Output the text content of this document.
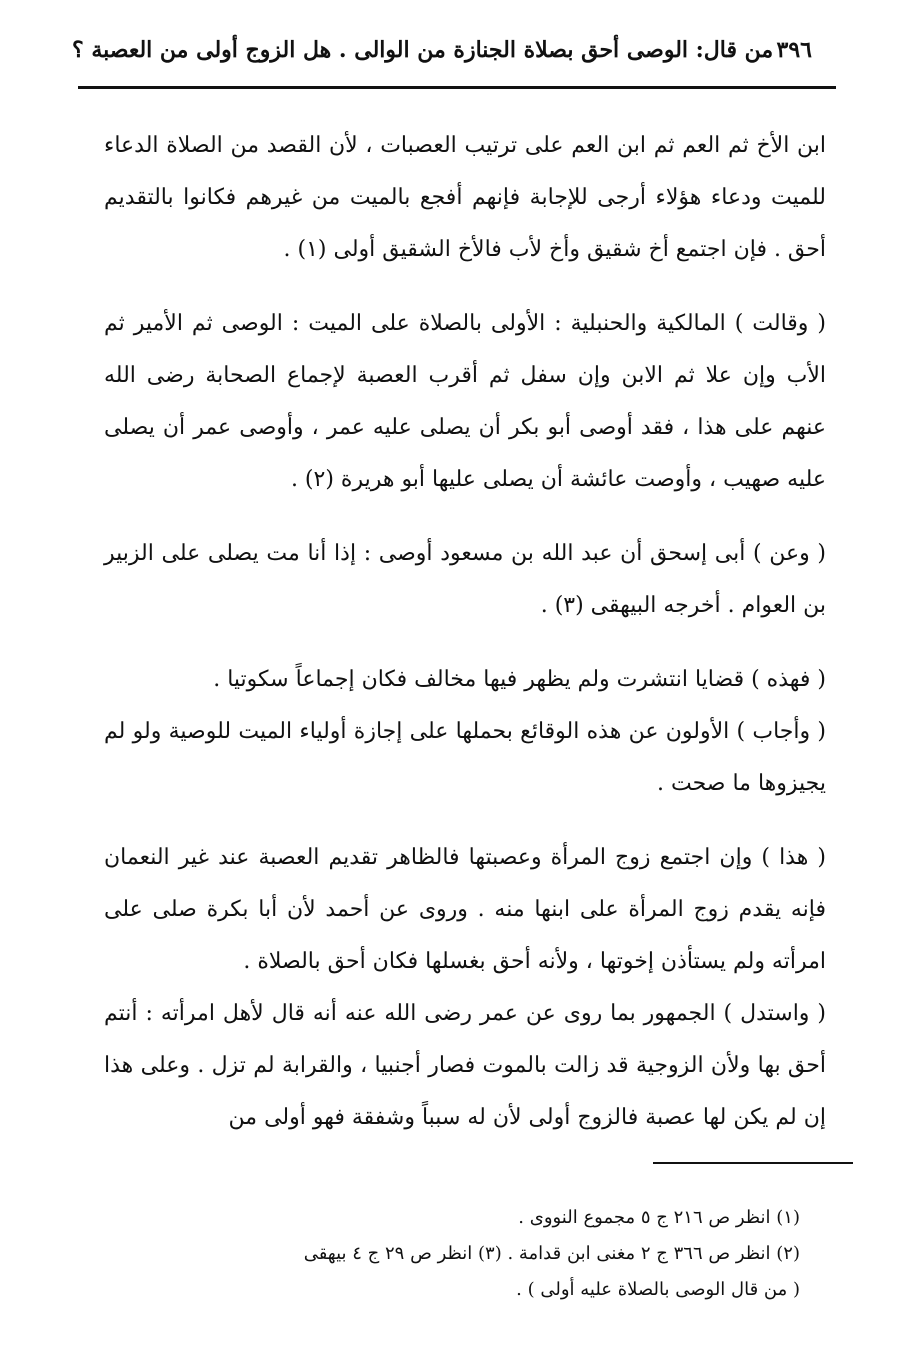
٣٩٦
من قال: الوصى أحق بصلاة الجنازة من الوالى . هل الزوج أولى من العصبة ؟

ابن الأخ ثم العم ثم ابن العم على ترتيب العصبات ، لأن القصد من الصلاة الدعاء للميت ودعاء هؤلاء أرجى للإجابة فإنهم أفجع بالميت من غيرهم فكانوا بالتقديم أحق . فإن اجتمع أخ شقيق وأخ لأب فالأخ الشقيق أولى (١) .

( وقالت ) المالكية والحنبلية : الأولى بالصلاة على الميت : الوصى ثم الأمير ثم الأب وإن علا ثم الابن وإن سفل ثم أقرب العصبة لإجماع الصحابة رضى الله عنهم على هذا ، فقد أوصى أبو بكر أن يصلى عليه عمر ، وأوصى عمر أن يصلى عليه صهيب ، وأوصت عائشة أن يصلى عليها أبو هريرة (٢) .

( وعن ) أبى إسحق أن عبد الله بن مسعود أوصى : إذا أنا مت يصلى على الزبير بن العوام . أخرجه البيهقى (٣) .

( فهذه ) قضايا انتشرت ولم يظهر فيها مخالف فكان إجماعاً سكوتيا .

( وأجاب ) الأولون عن هذه الوقائع بحملها على إجازة أولياء الميت للوصية ولو لم يجيزوها ما صحت .

( هذا ) وإن اجتمع زوج المرأة وعصبتها فالظاهر تقديم العصبة عند غير النعمان فإنه يقدم زوج المرأة على ابنها منه . وروى عن أحمد لأن أبا بكرة صلى على امرأته ولم يستأذن إخوتها ، ولأنه أحق بغسلها فكان أحق بالصلاة .

( واستدل ) الجمهور بما روى عن عمر رضى الله عنه أنه قال لأهل امرأته : أنتم أحق بها ولأن الزوجية قد زالت بالموت فصار أجنبيا ، والقرابة لم تزل . وعلى هذا إن لم يكن لها عصبة فالزوج أولى لأن له سبباً وشفقة فهو أولى من

(١) انظر ص ٢١٦ ج ٥ مجموع النووى .
(٢) انظر ص ٣٦٦ ج ٢ مغنى ابن قدامة . (٣) انظر ص ٢٩ ج ٤ بيهقى
( من قال الوصى بالصلاة عليه أولى ) .
